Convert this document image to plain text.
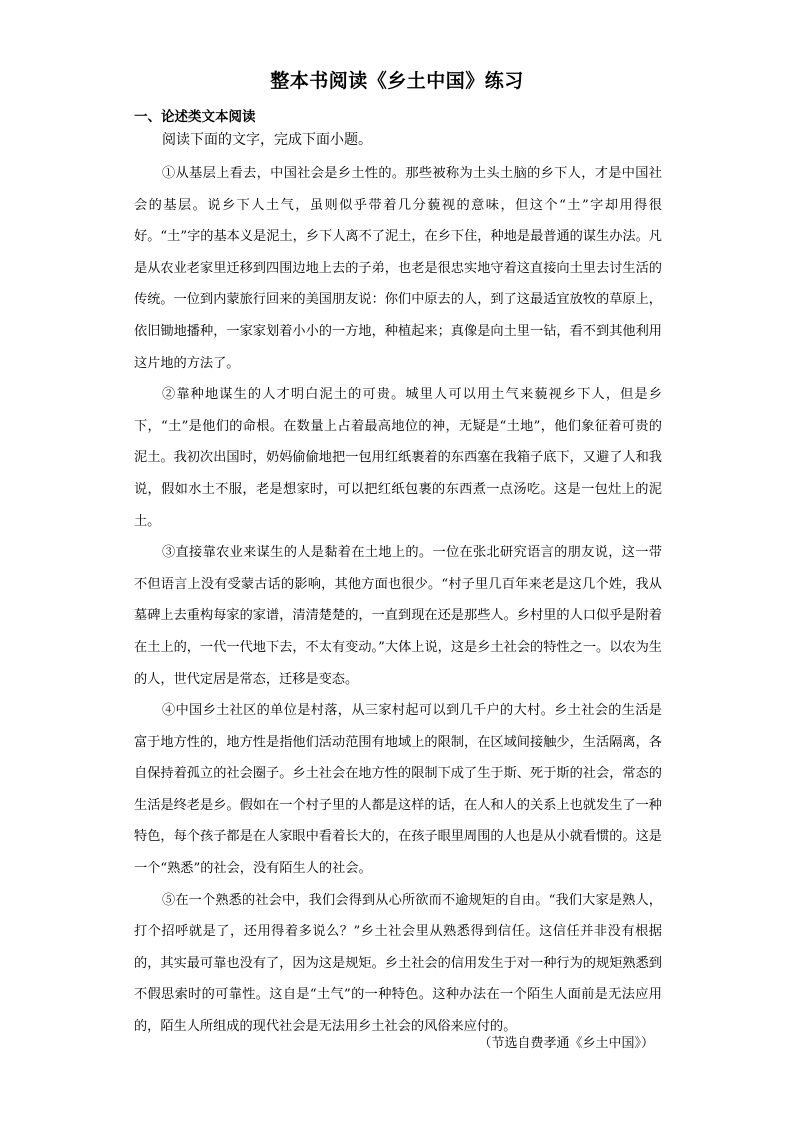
整本书阅读《乡土中国》练习
一、论述类文本阅读
阅读下面的文字，完成下面小题。

①从基层上看去，中国社会是乡土性的。那些被称为土头土脑的乡下人，才是中国社会的基层。说乡下人土气，虽则似乎带着几分藐视的意味，但这个“土”字却用得很好。“土”字的基本义是泥土，乡下人离不了泥土，在乡下住，种地是最普通的谋生办法。凡是从农业老家里迁移到四围边地上去的子弟，也老是很忠实地守着这直接向土里去讨生活的传统。一位到内蒙旅行回来的美国朋友说：你们中原去的人，到了这最适宜放牧的草原上，依旧锄地播种，一家家划着小小的一方地，种植起来；真像是向土里一钻，看不到其他利用这片地的方法了。

②靠种地谋生的人才明白泥土的可贵。城里人可以用土气来藐视乡下人，但是乡下，“土”是他们的命根。在数量上占着最高地位的神，无疑是“土地”，他们象征着可贵的泥土。我初次出国时，奶妈偷偷地把一包用红纸裹着的东西塞在我箱子底下，又避了人和我说，假如水土不服，老是想家时，可以把红纸包裹的东西煮一点汤吃。这是一包灶上的泥土。

③直接靠农业来谋生的人是黏着在土地上的。一位在张北研究语言的朋友说，这一带不但语言上没有受蒙古话的影响，其他方面也很少。“村子里几百年来老是这几个姓，我从墓碑上去重构每家的家谱，清清楚楚的，一直到现在还是那些人。乡村里的人口似乎是附着在土上的，一代一代地下去，不太有变动。”大体上说，这是乡土社会的特性之一。以农为生的人，世代定居是常态，迁移是变态。

④中国乡土社区的单位是村落，从三家村起可以到几千户的大村。乡土社会的生活是富于地方性的，地方性是指他们活动范围有地域上的限制，在区域间接触少，生活隔离，各自保持着孤立的社会圈子。乡土社会在地方性的限制下成了生于斯、死于斯的社会，常态的生活是终老是乡。假如在一个村子里的人都是这样的话，在人和人的关系上也就发生了一种特色，每个孩子都是在人家眼中看着长大的，在孩子眼里周围的人也是从小就看惯的。这是一个“熟悉”的社会，没有陌生人的社会。

⑤在一个熟悉的社会中，我们会得到从心所欲而不逾规矩的自由。“我们大家是熟人，打个招呼就是了，还用得着多说么？”乡土社会里从熟悉得到信任。这信任并非没有根据的，其实最可靠也没有了，因为这是规矩。乡土社会的信用发生于对一种行为的规矩熟悉到不假思索时的可靠性。这自是“土气”的一种特色。这种办法在一个陌生人面前是无法应用的，陌生人所组成的现代社会是无法用乡土社会的风俗来应付的。

（节选自费孝通《乡土中国》）
